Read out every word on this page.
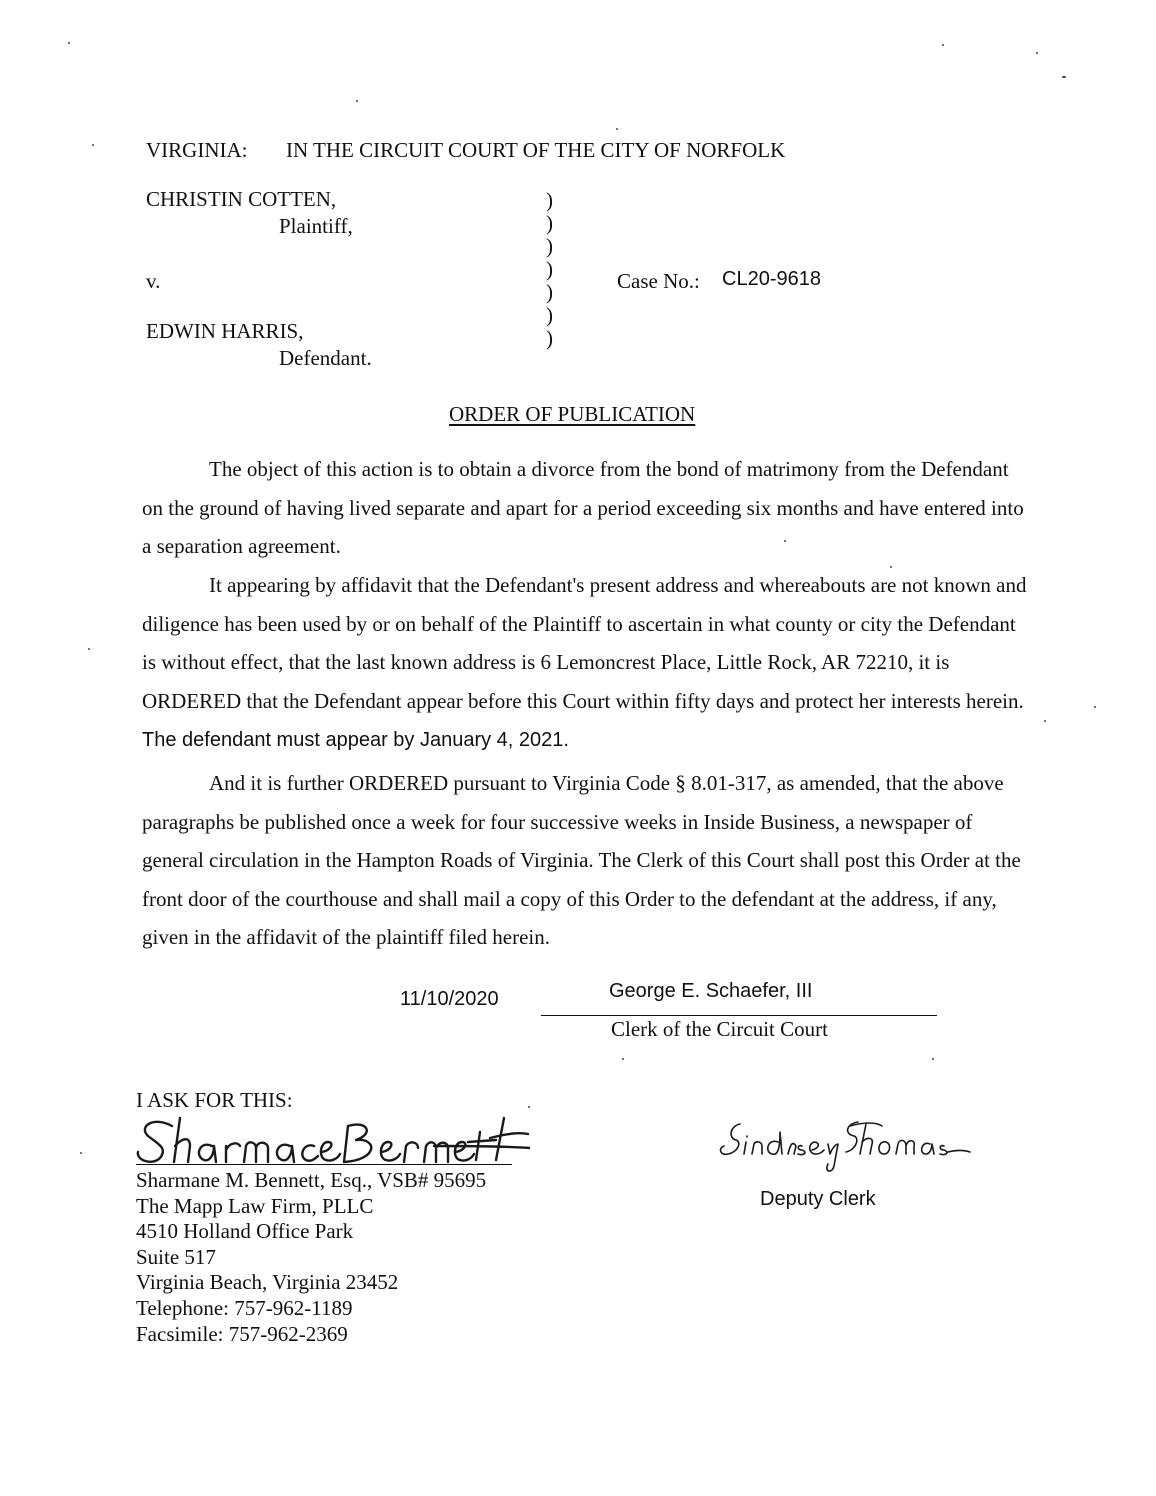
VIRGINIA: IN THE CIRCUIT COURT OF THE CITY OF NORFOLK
CHRISTIN COTTEN,
Plaintiff,
v.
EDWIN HARRIS,
Defendant.
)
)
)
)
)
)
)
Case No.: CL20-9618
ORDER OF PUBLICATION
The object of this action is to obtain a divorce from the bond of matrimony from the Defendant on the ground of having lived separate and apart for a period exceeding six months and have entered into a separation agreement.
It appearing by affidavit that the Defendant's present address and whereabouts are not known and diligence has been used by or on behalf of the Plaintiff to ascertain in what county or city the Defendant is without effect, that the last known address is 6 Lemoncrest Place, Little Rock, AR 72210, it is ORDERED that the Defendant appear before this Court within fifty days and protect her interests herein. The defendant must appear by January 4, 2021.
And it is further ORDERED pursuant to Virginia Code § 8.01-317, as amended, that the above paragraphs be published once a week for four successive weeks in Inside Business, a newspaper of general circulation in the Hampton Roads of Virginia. The Clerk of this Court shall post this Order at the front door of the courthouse and shall mail a copy of this Order to the defendant at the address, if any, given in the affidavit of the plaintiff filed herein.
11/10/2020	George E. Schaefer, III
Clerk of the Circuit Court
I ASK FOR THIS:
Sharmane M. Bennett, Esq., VSB# 95695
The Mapp Law Firm, PLLC
4510 Holland Office Park
Suite 517
Virginia Beach, Virginia 23452
Telephone: 757-962-1189
Facsimile: 757-962-2369
Deputy Clerk
